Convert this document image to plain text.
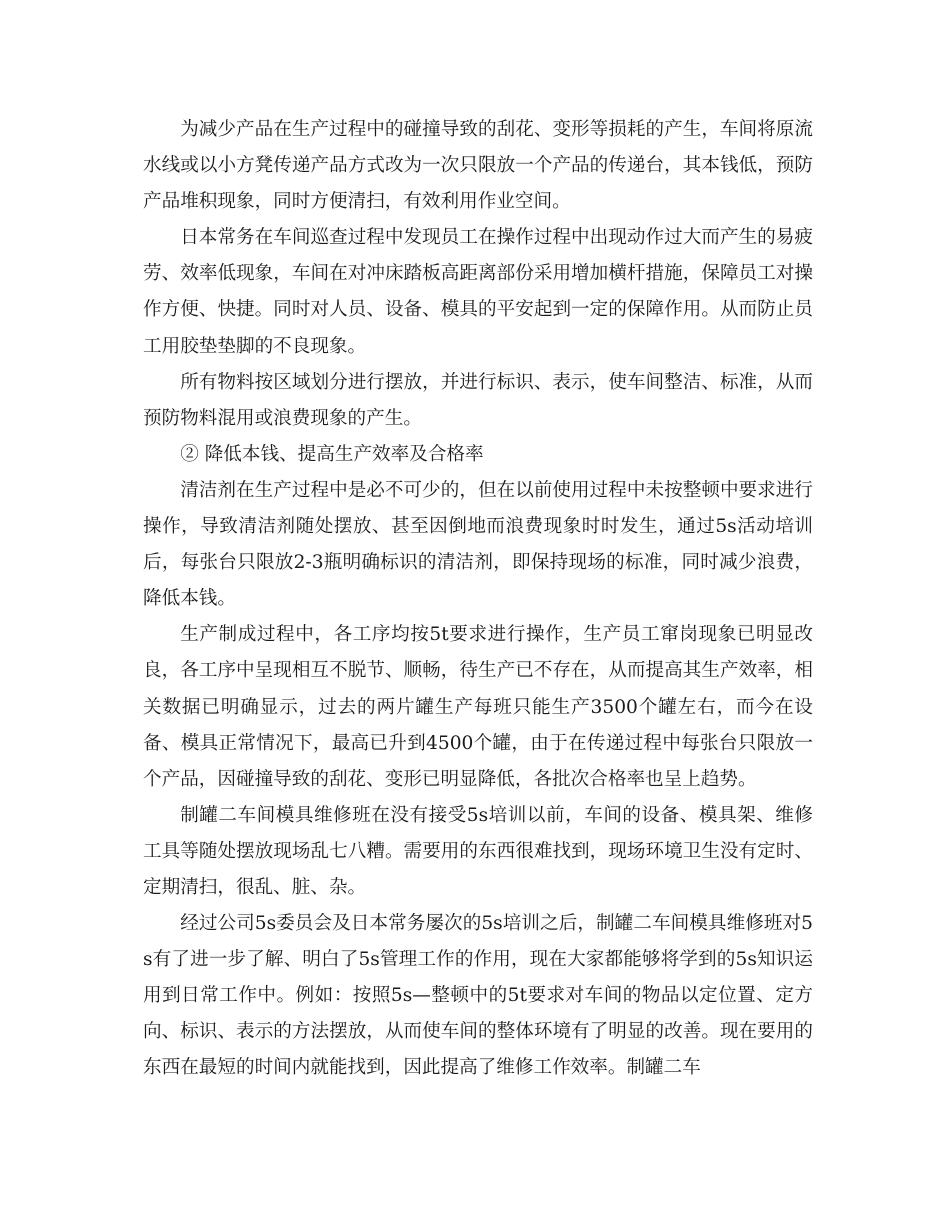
为减少产品在生产过程中的碰撞导致的刮花、变形等损耗的产生，车间将原流水线或以小方凳传递产品方式改为一次只限放一个产品的传递台，其本钱低，预防产品堆积现象，同时方便清扫，有效利用作业空间。

日本常务在车间巡查过程中发现员工在操作过程中出现动作过大而产生的易疲劳、效率低现象，车间在对冲床踏板高距离部份采用增加横杆措施，保障员工对操作方便、快捷。同时对人员、设备、模具的平安起到一定的保障作用。从而防止员工用胶垫垫脚的不良现象。

所有物料按区域划分进行摆放，并进行标识、表示，使车间整洁、标准，从而预防物料混用或浪费现象的产生。

② 降低本钱、提高生产效率及合格率

清洁剂在生产过程中是必不可少的，但在以前使用过程中未按整顿中要求进行操作，导致清洁剂随处摆放、甚至因倒地而浪费现象时时发生，通过5s活动培训后，每张台只限放2-3瓶明确标识的清洁剂，即保持现场的标准，同时减少浪费，降低本钱。

生产制成过程中，各工序均按5t要求进行操作，生产员工窜岗现象已明显改良，各工序中呈现相互不脱节、顺畅，待生产已不存在，从而提高其生产效率，相关数据已明确显示，过去的两片罐生产每班只能生产3500个罐左右，而今在设备、模具正常情况下，最高已升到4500个罐，由于在传递过程中每张台只限放一个产品，因碰撞导致的刮花、变形已明显降低，各批次合格率也呈上趋势。

制罐二车间模具维修班在没有接受5s培训以前，车间的设备、模具架、维修工具等随处摆放现场乱七八糟。需要用的东西很难找到，现场环境卫生没有定时、定期清扫，很乱、脏、杂。

经过公司5s委员会及日本常务屡次的5s培训之后，制罐二车间模具维修班对5s有了进一步了解、明白了5s管理工作的作用，现在大家都能够将学到的5s知识运用到日常工作中。例如：按照5s—整顿中的5t要求对车间的物品以定位置、定方向、标识、表示的方法摆放，从而使车间的整体环境有了明显的改善。现在要用的东西在最短的时间内就能找到，因此提高了维修工作效率。制罐二车
